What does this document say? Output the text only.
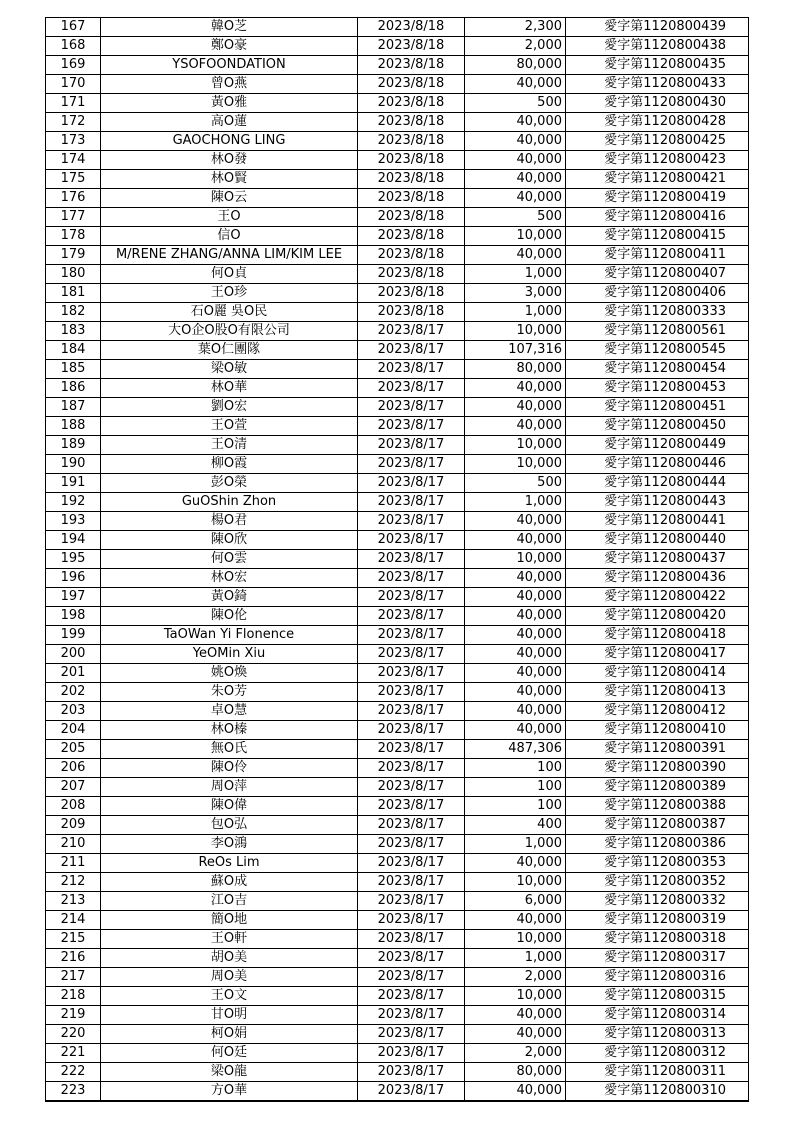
167	韓O芝	2023/8/18	2,300	愛字第1120800439
168	鄭O豪	2023/8/18	2,000	愛字第1120800438
169	YSOFOONDATION	2023/8/18	80,000	愛字第1120800435
170	曾O燕	2023/8/18	40,000	愛字第1120800433
171	黃O雅	2023/8/18	500	愛字第1120800430
172	高O蓮	2023/8/18	40,000	愛字第1120800428
173	GAOCHONG LING	2023/8/18	40,000	愛字第1120800425
174	林O發	2023/8/18	40,000	愛字第1120800423
175	林O賢	2023/8/18	40,000	愛字第1120800421
176	陳O云	2023/8/18	40,000	愛字第1120800419
177	王O	2023/8/18	500	愛字第1120800416
178	信O	2023/8/18	10,000	愛字第1120800415
179	M/RENE ZHANG/ANNA LIM/KIM LEE	2023/8/18	40,000	愛字第1120800411
180	何O貞	2023/8/18	1,000	愛字第1120800407
181	王O珍	2023/8/18	3,000	愛字第1120800406
182	石O麗 吳O民	2023/8/18	1,000	愛字第1120800333
183	大O企O股O有限公司	2023/8/17	10,000	愛字第1120800561
184	葉O仁團隊	2023/8/17	107,316	愛字第1120800545
185	梁O敏	2023/8/17	80,000	愛字第1120800454
186	林O華	2023/8/17	40,000	愛字第1120800453
187	劉O宏	2023/8/17	40,000	愛字第1120800451
188	王O萱	2023/8/17	40,000	愛字第1120800450
189	王O清	2023/8/17	10,000	愛字第1120800449
190	柳O霞	2023/8/17	10,000	愛字第1120800446
191	彭O榮	2023/8/17	500	愛字第1120800444
192	GuOShin Zhon	2023/8/17	1,000	愛字第1120800443
193	楊O君	2023/8/17	40,000	愛字第1120800441
194	陳O欣	2023/8/17	40,000	愛字第1120800440
195	何O雲	2023/8/17	10,000	愛字第1120800437
196	林O宏	2023/8/17	40,000	愛字第1120800436
197	黃O錡	2023/8/17	40,000	愛字第1120800422
198	陳O伦	2023/8/17	40,000	愛字第1120800420
199	TaOWan Yi Flonence	2023/8/17	40,000	愛字第1120800418
200	YeOMin Xiu	2023/8/17	40,000	愛字第1120800417
201	姚O煥	2023/8/17	40,000	愛字第1120800414
202	朱O芳	2023/8/17	40,000	愛字第1120800413
203	卓O慧	2023/8/17	40,000	愛字第1120800412
204	林O榛	2023/8/17	40,000	愛字第1120800410
205	無O氏	2023/8/17	487,306	愛字第1120800391
206	陳O伶	2023/8/17	100	愛字第1120800390
207	周O萍	2023/8/17	100	愛字第1120800389
208	陳O偉	2023/8/17	100	愛字第1120800388
209	包O弘	2023/8/17	400	愛字第1120800387
210	李O鴻	2023/8/17	1,000	愛字第1120800386
211	ReOs Lim	2023/8/17	40,000	愛字第1120800353
212	蘇O成	2023/8/17	10,000	愛字第1120800352
213	江O吉	2023/8/17	6,000	愛字第1120800332
214	簡O地	2023/8/17	40,000	愛字第1120800319
215	王O軒	2023/8/17	10,000	愛字第1120800318
216	胡O美	2023/8/17	1,000	愛字第1120800317
217	周O美	2023/8/17	2,000	愛字第1120800316
218	王O文	2023/8/17	10,000	愛字第1120800315
219	甘O明	2023/8/17	40,000	愛字第1120800314
220	柯O娟	2023/8/17	40,000	愛字第1120800313
221	何O廷	2023/8/17	2,000	愛字第1120800312
222	梁O龍	2023/8/17	80,000	愛字第1120800311
223	方O華	2023/8/17	40,000	愛字第1120800310
